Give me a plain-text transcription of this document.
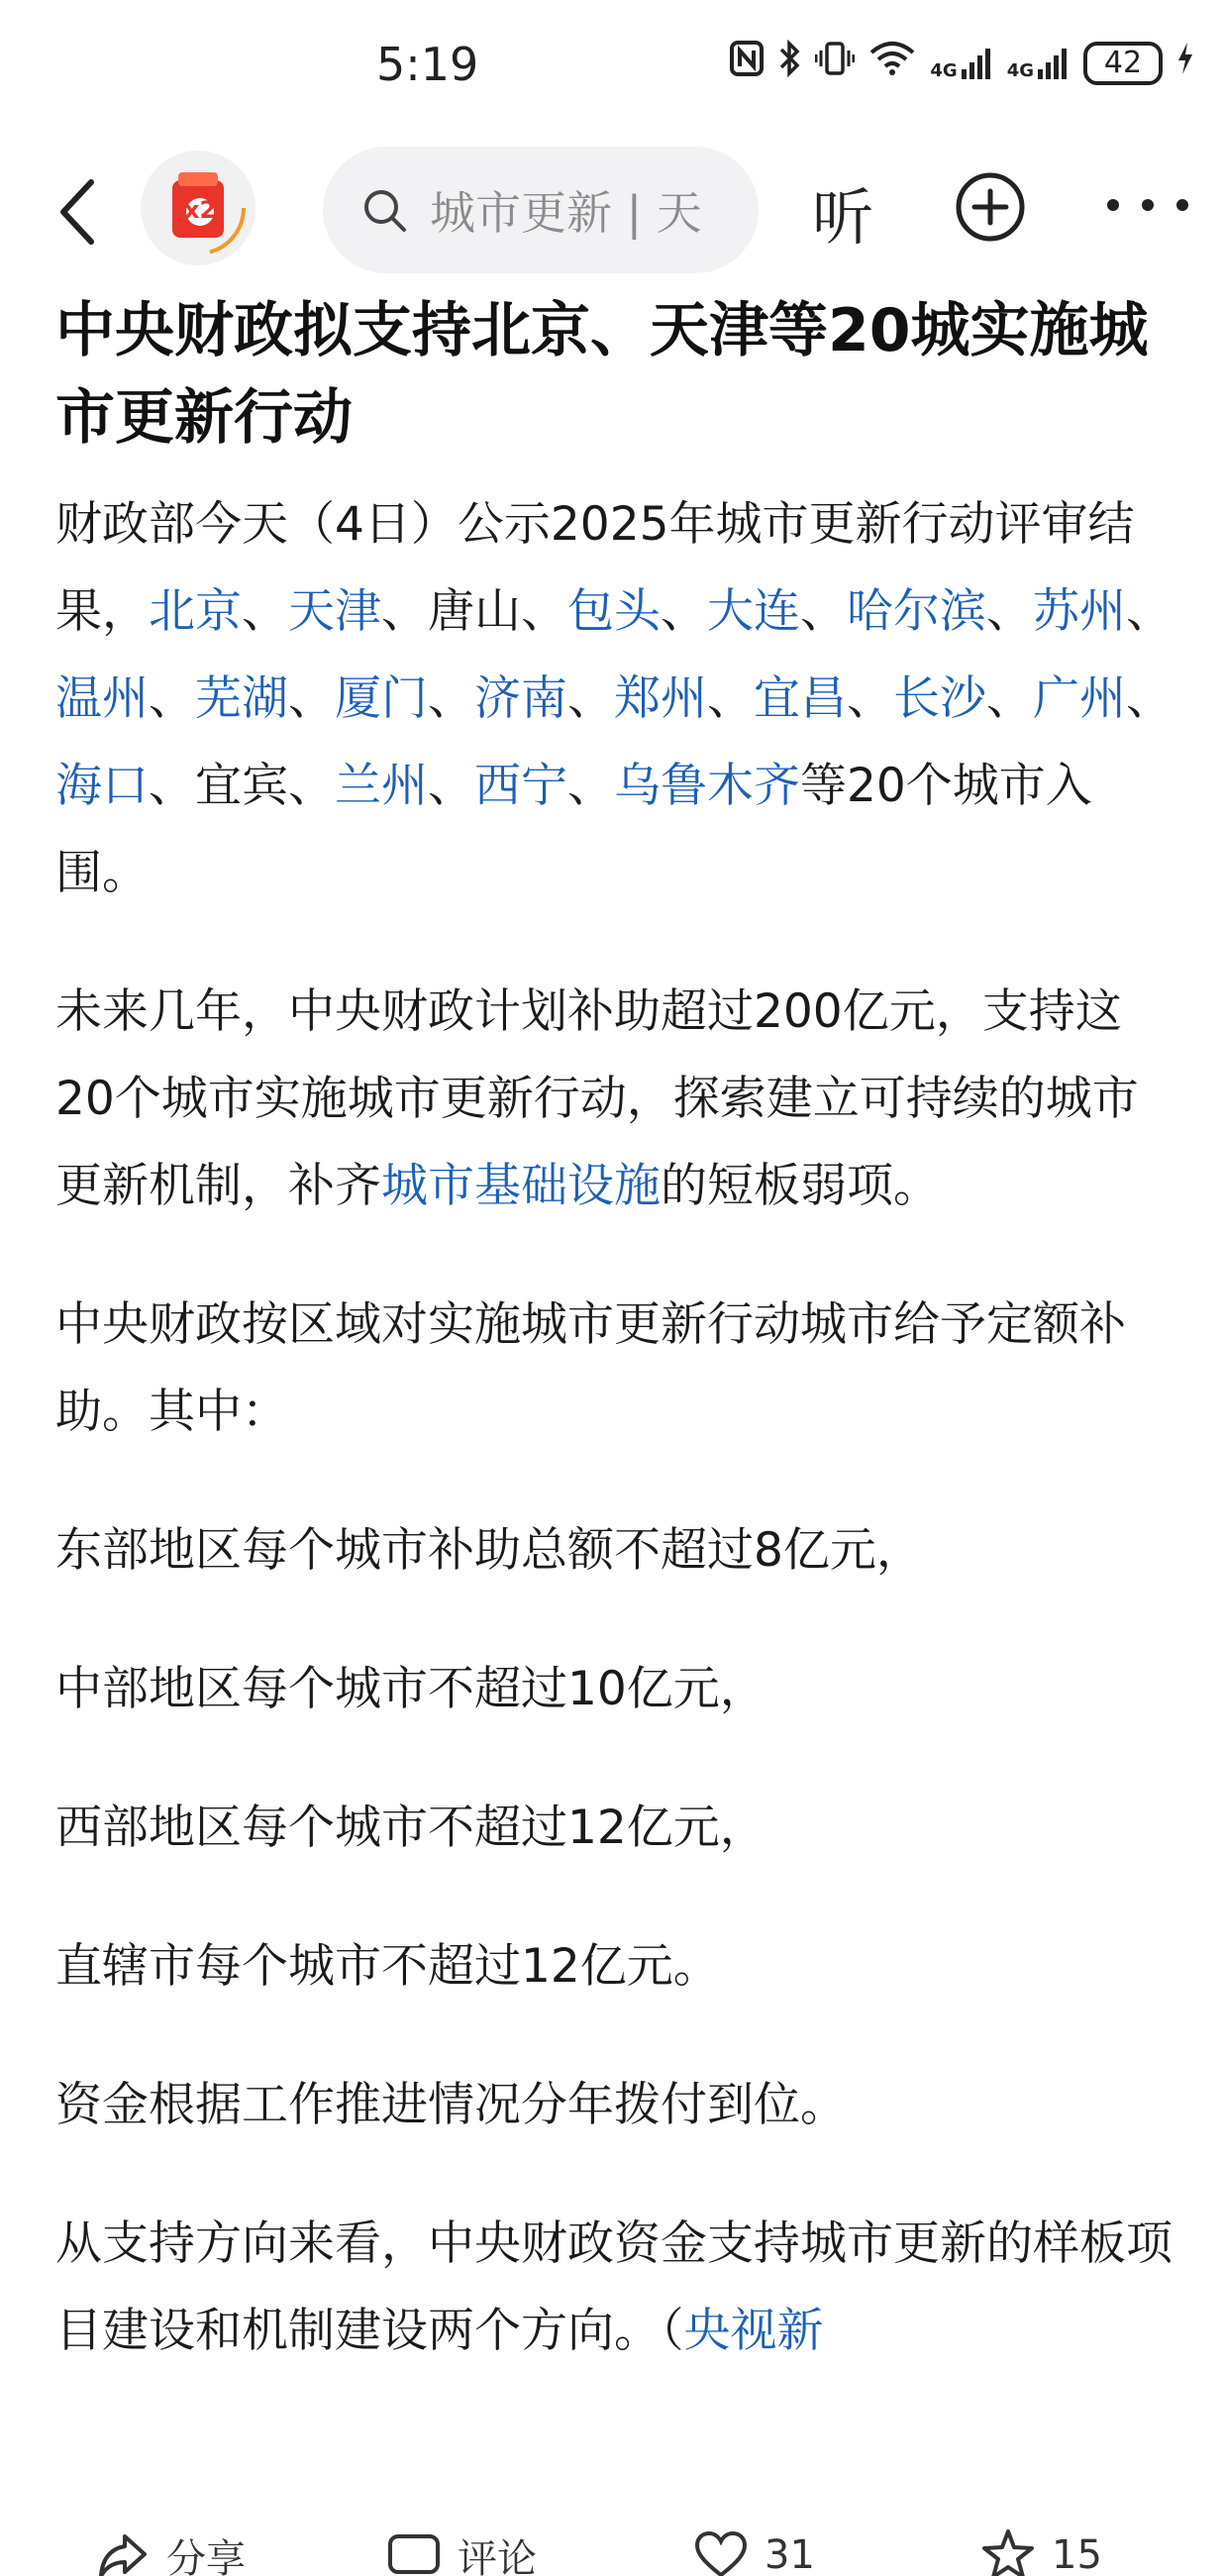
5:19	4G	4G 42
x2	城市更新 | 天	听
中央财政拟支持北京、天津等20城实施城市更新行动

财政部今天（4日）公示2025年城市更新行动评审结果，北京、天津、唐山、包头、大连、哈尔滨、苏州、温州、芜湖、厦门、济南、郑州、宜昌、长沙、广州、海口、宜宾、兰州、西宁、乌鲁木齐等20个城市入围。

未来几年，中央财政计划补助超过200亿元，支持这20个城市实施城市更新行动，探索建立可持续的城市更新机制，补齐城市基础设施的短板弱项。

中央财政按区域对实施城市更新行动城市给予定额补助。其中：

东部地区每个城市补助总额不超过8亿元，

中部地区每个城市不超过10亿元，

西部地区每个城市不超过12亿元，

直辖市每个城市不超过12亿元。

资金根据工作推进情况分年拨付到位。

从支持方向来看，中央财政资金支持城市更新的样板项目建设和机制建设两个方向。（央视新

分享	评论	31	15
